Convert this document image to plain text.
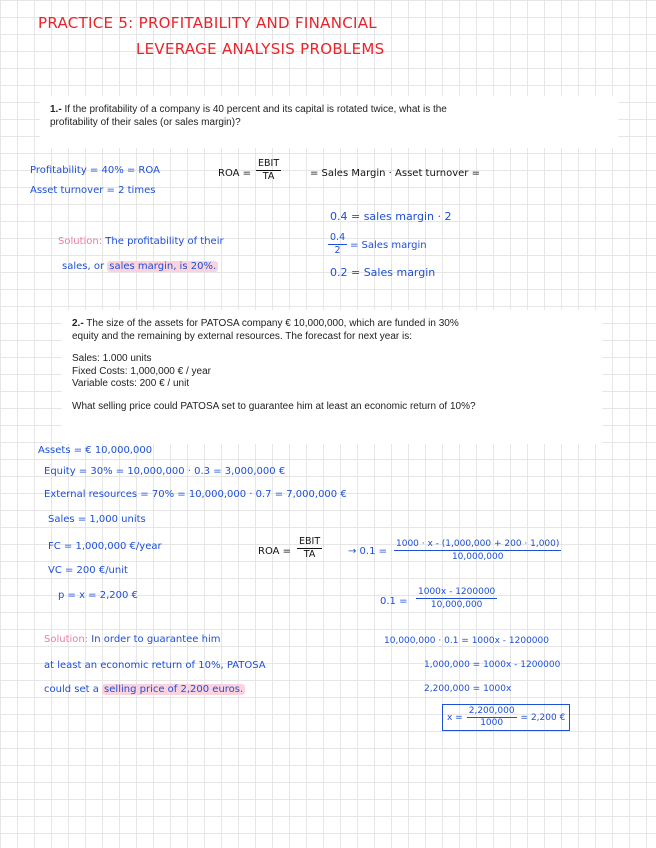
PRACTICE 5: PROFITABILITY AND FINANCIAL
LEVERAGE ANALYSIS PROBLEMS
1.- If the profitability of a company is 40 percent and its capital is rotated twice, what is the
profitability of their sales (or sales margin)?
Profitability = 40% = ROA
Asset turnover = 2 times
ROA =
EBIT
TA	= Sales Margin · Asset turnover =
0.4 = sales margin · 2
$\frac{0.4}{2}$ = Sales margin
0.2 = Sales margin
Solution: The profitability of their
sales, or sales margin, is 20%.
2.- The size of the assets for PATOSA company € 10,000,000, which are funded in 30%
equity and the remaining by external resources. The forecast for next year is:
Sales: 1.000 units
Fixed Costs: 1,000,000 € / year
Variable costs: 200 € / unit
What selling price could PATOSA set to guarantee him at least an economic return of 10%?
Assets = € 10,000,000
Equity = 30% = 10,000,000 · 0.3 = 3,000,000 €
External resources = 70% = 10,000,000 · 0.7 = 7,000,000 €
Sales = 1,000 units
FC = 1,000,000 €/year
VC = 200 €/unit
p = x = 2,200 €
ROA =
EBIT
TA	→ $0.1 = \frac{1000 \cdot x - (1,000,000 + 200 \cdot 1,000)}{10,000,000}$
$0.1 = \frac{1000x - 1200000}{10,000,000}$
10,000,000 · 0.1 = 1000x - 1200000
1,000,000 = 1000x - 1200000
2,200,000 = 1000x
$x = \frac{2,200,000}{1000} = 2,200$ €
Solution: In order to guarantee him
at least an economic return of 10%, PATOSA
could set a selling price of 2,200 euros.
